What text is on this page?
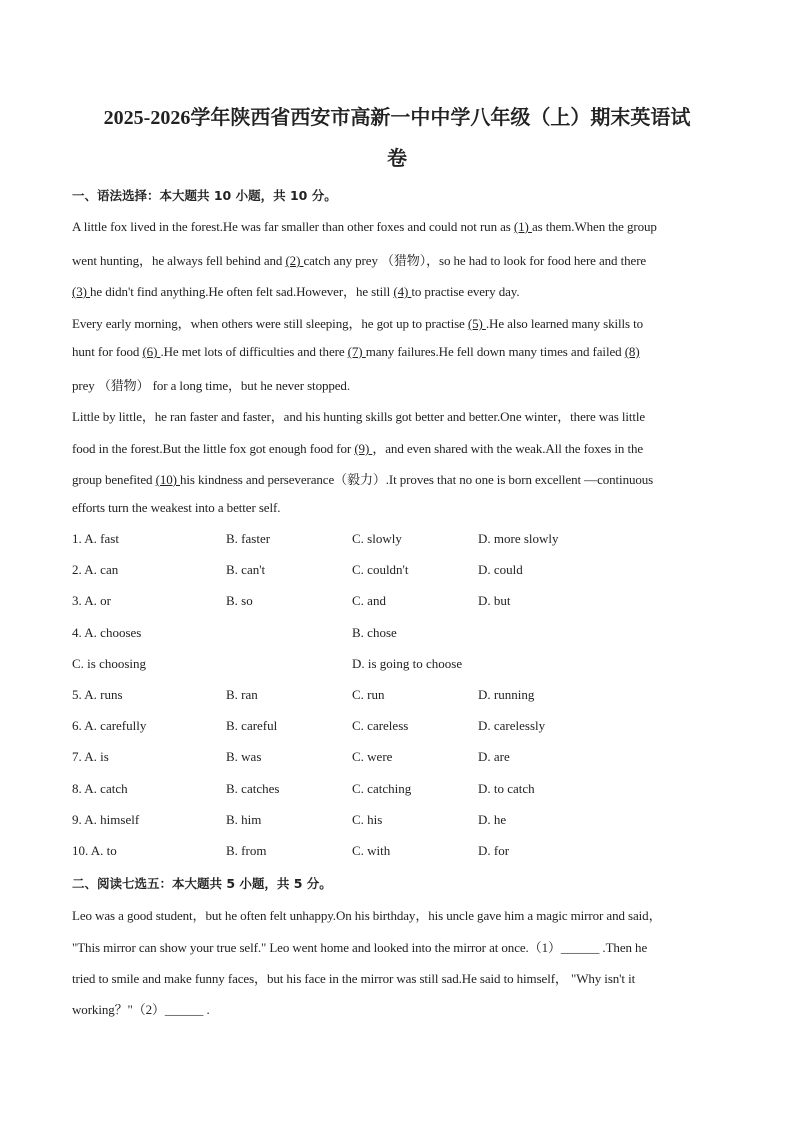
2025-2026学年陕西省西安市高新一中中学八年级（上）期末英语试
卷
一、语法选择：本大题共 10 小题，共 10 分。
A little fox lived in the forest.He was far smaller than other foxes and could not run as (1) as them.When the group
went hunting，he always fell behind and (2) catch any prey （猎物），so he had to look for food here and there
(3) he didn't find anything.He often felt sad.However，he still (4) to practise every day.
Every early morning，when others were still sleeping，he got up to practise (5) .He also learned many skills to
hunt for food (6) .He met lots of difficulties and there (7) many failures.He fell down many times and failed (8)
prey （猎物） for a long time，but he never stopped.
Little by little，he ran faster and faster，and his hunting skills got better and better.One winter，there was little
food in the forest.But the little fox got enough food for (9) ，and even shared with the weak.All the foxes in the
group benefited (10) his kindness and perseverance（毅力）.It proves that no one is born excellent —continuous
efforts turn the weakest into a better self.
1. A. fast	B. faster	C. slowly	D. more slowly
2. A. can	B. can't	C. couldn't	D. could
3. A. or	B. so	C. and	D. but
4. A. chooses	B. chose
C. is choosing	D. is going to choose
5. A. runs	B. ran	C. run	D. running
6. A. carefully	B. careful	C. careless	D. carelessly
7. A. is	B. was	C. were	D. are
8. A. catch	B. catches	C. catching	D. to catch
9. A. himself	B. him	C. his	D. he
10. A. to	B. from	C. with	D. for
二、阅读七选五：本大题共 5 小题，共 5 分。
Leo was a good student，but he often felt unhappy.On his birthday，his uncle gave him a magic mirror and said，
"This mirror can show your true self." Leo went home and looked into the mirror at once.（1）______ .Then he
tried to smile and make funny faces，but his face in the mirror was still sad.He said to himself， "Why isn't it
working？"（2）______ .
